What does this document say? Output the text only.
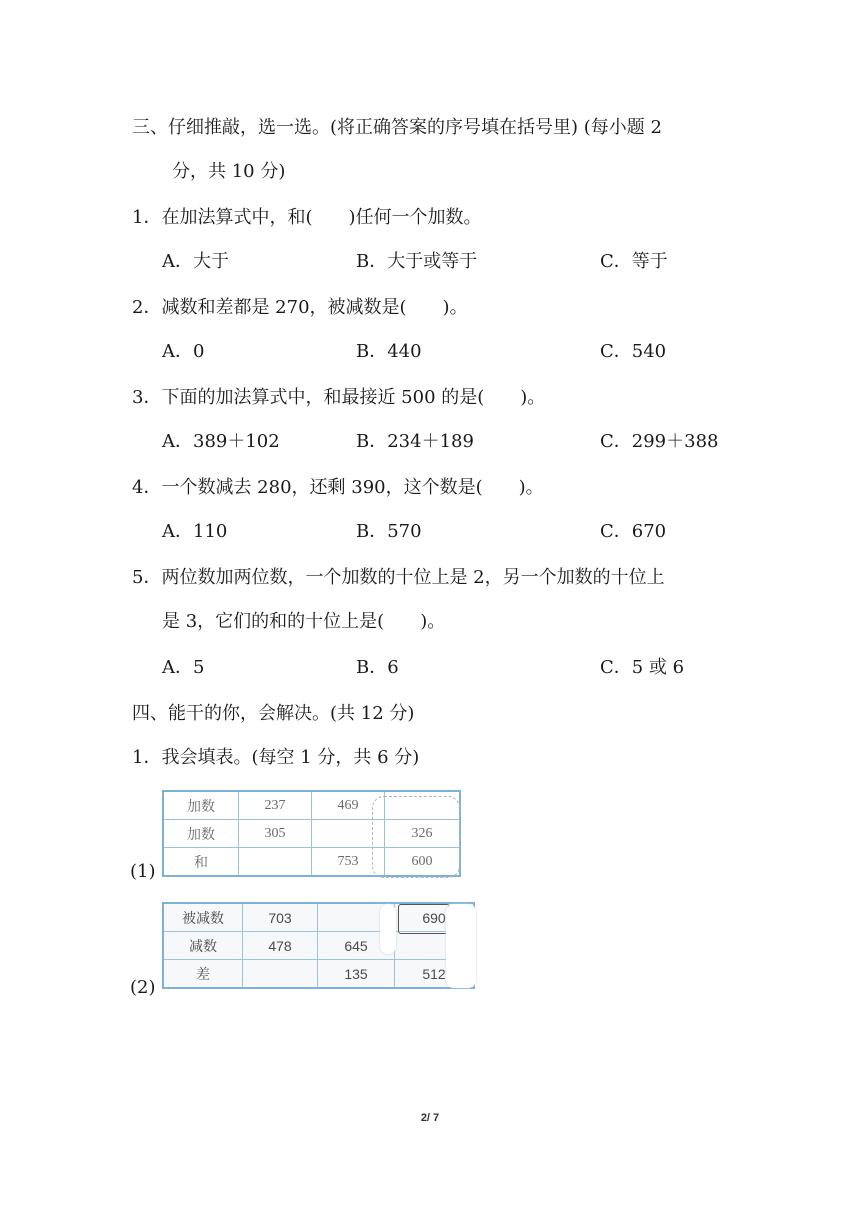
三、仔细推敲，选一选。(将正确答案的序号填在括号里) (每小题 2
分，共 10 分)
1．在加法算式中，和(　　)任何一个加数。
A．大于	B．大于或等于	C．等于
2．减数和差都是 270，被减数是(　　)。
A．0	B．440	C．540
3．下面的加法算式中，和最接近 500 的是(　　)。
A．389＋102	B．234＋189	C．299＋388
4．一个数减去 280，还剩 390，这个数是(　　)。
A．110	B．570	C．670
5．两位数加两位数，一个加数的十位上是 2，另一个加数的十位上
是 3，它们的和的十位上是(　　)。
A．5	B．6	C．5 或 6
四、能干的你，会解决。(共 12 分)
1．我会填表。(每空 1 分，共 6 分)
(1)
加数	237	469	
加数	305		326
和		753	600
(2)
被减数	703		690
减数	478	645	
差		135	512
2/ 7
